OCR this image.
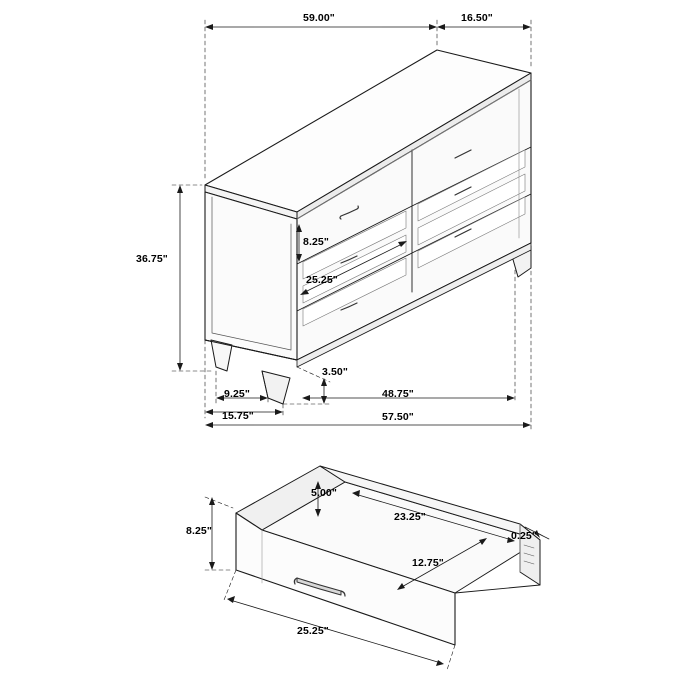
59.00"	16.50"
36.75"
8.25"
25.25"
3.50"
9.25"
15.75"
48.75"
57.50"
5.00"
8.25"
23.25"
12.75"
0.25"
25.25"
